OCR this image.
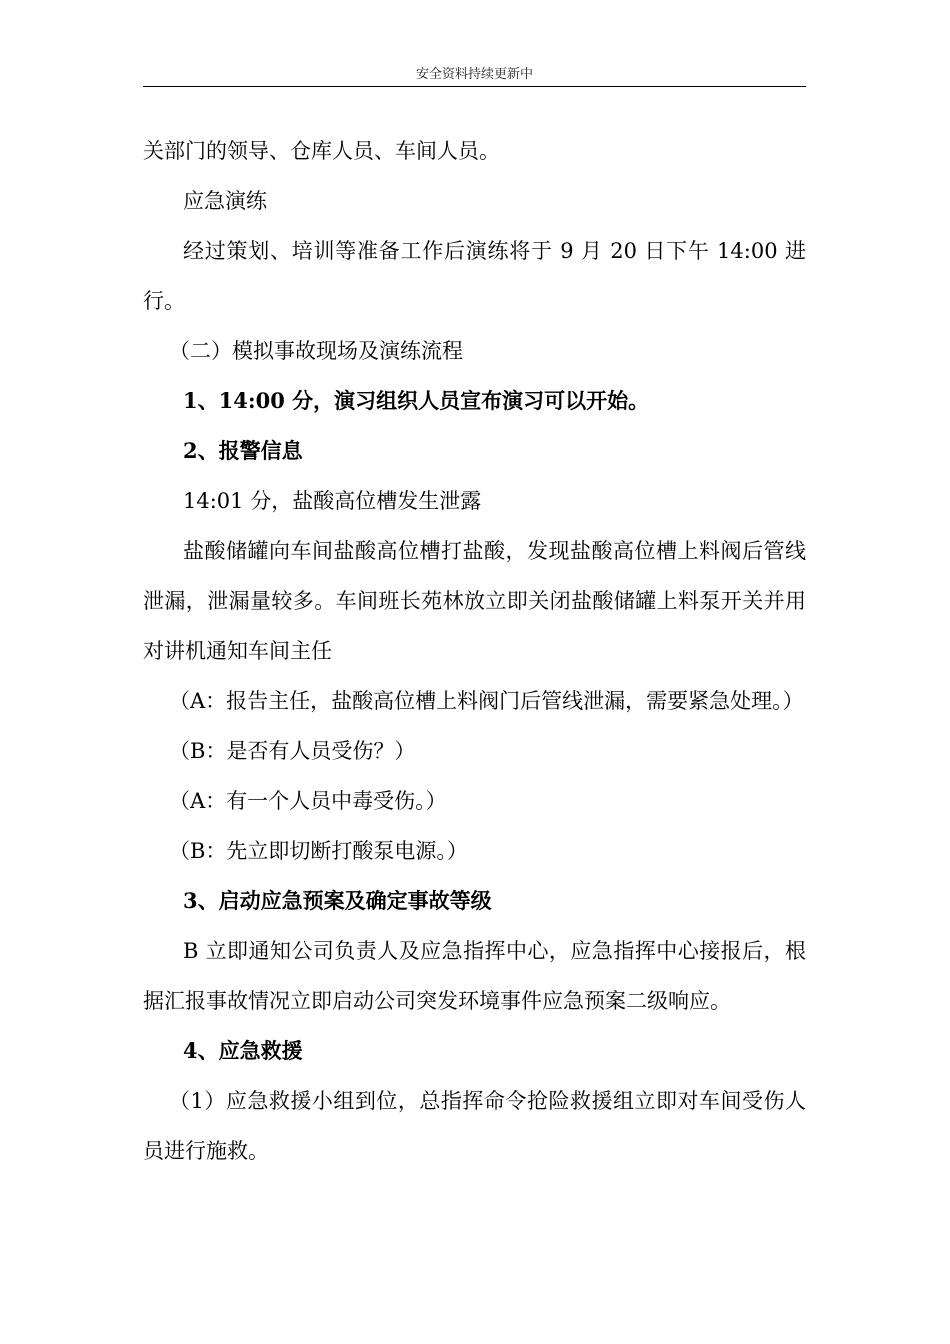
安全资料持续更新中

关部门的领导、仓库人员、车间人员。

应急演练

经过策划、培训等准备工作后演练将于 9 月 20 日下午 14:00 进行。

（二）模拟事故现场及演练流程

1、14:00 分，演习组织人员宣布演习可以开始。

2、报警信息

14:01 分，盐酸高位槽发生泄露

盐酸储罐向车间盐酸高位槽打盐酸，发现盐酸高位槽上料阀后管线泄漏，泄漏量较多。车间班长苑林放立即关闭盐酸储罐上料泵开关并用对讲机通知车间主任

（A：报告主任，盐酸高位槽上料阀门后管线泄漏，需要紧急处理。）

（B：是否有人员受伤？）

（A：有一个人员中毒受伤。）

（B：先立即切断打酸泵电源。）

3、启动应急预案及确定事故等级

B 立即通知公司负责人及应急指挥中心，应急指挥中心接报后，根据汇报事故情况立即启动公司突发环境事件应急预案二级响应。

4、应急救援

（1）应急救援小组到位，总指挥命令抢险救援组立即对车间受伤人员进行施救。
